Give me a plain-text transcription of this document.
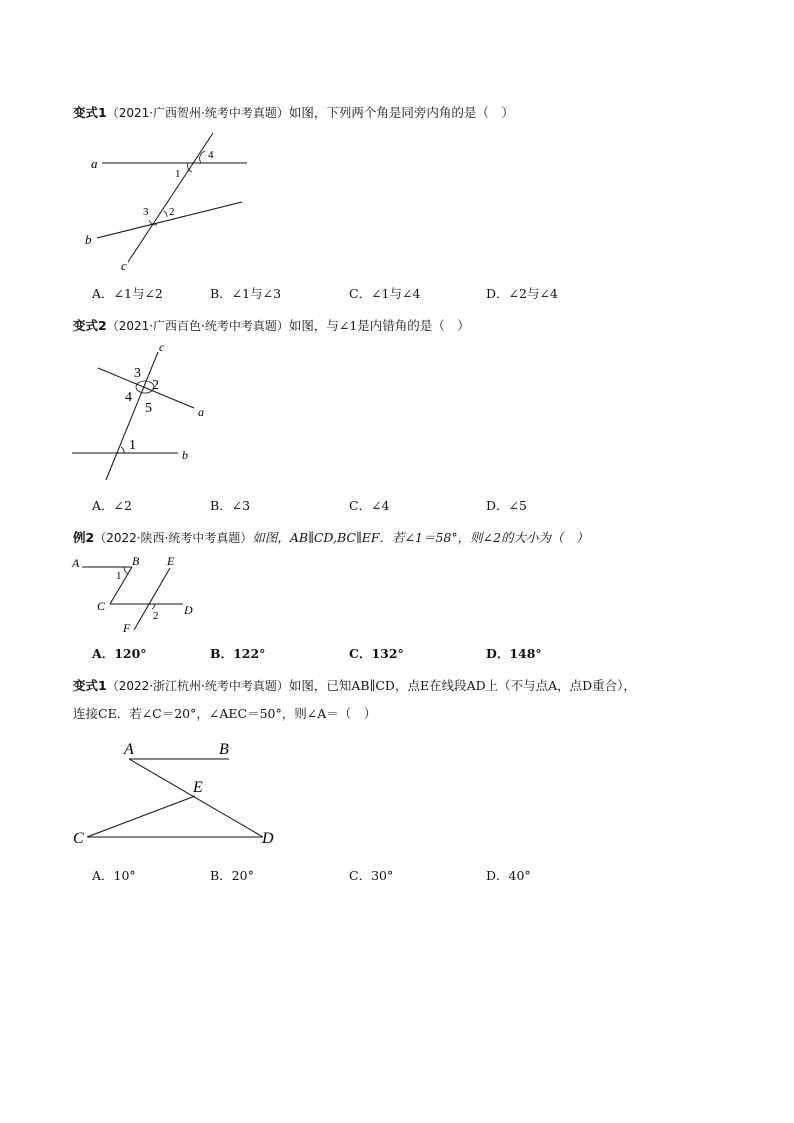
变式1（2021·广西贺州·统考中考真题）如图，下列两个角是同旁内角的是（　）
a
b
c
1
2
3
4
A．∠1与∠2	B．∠1与∠3	C．∠1与∠4	D．∠2与∠4
变式2（2021·广西百色·统考中考真题）如图，与∠1是内错角的是（　）
c
a
b
1
2
3
4
5
A．∠2	B．∠3	C．∠4	D．∠5
例2（2022·陕西·统考中考真题）如图，AB∥CD,BC∥EF．若∠1＝58°，则∠2的大小为（　）
A	B
C	D
E
F
1
2
A．120°	B．122°	C．132°	D．148°
变式1（2022·浙江杭州·统考中考真题）如图，已知AB∥CD，点E在线段AD上（不与点A，点D重合），
连接CE．若∠C＝20°，∠AEC＝50°，则∠A＝（　）
A	B
C	D
E
A．10°	B．20°	C．30°	D．40°
